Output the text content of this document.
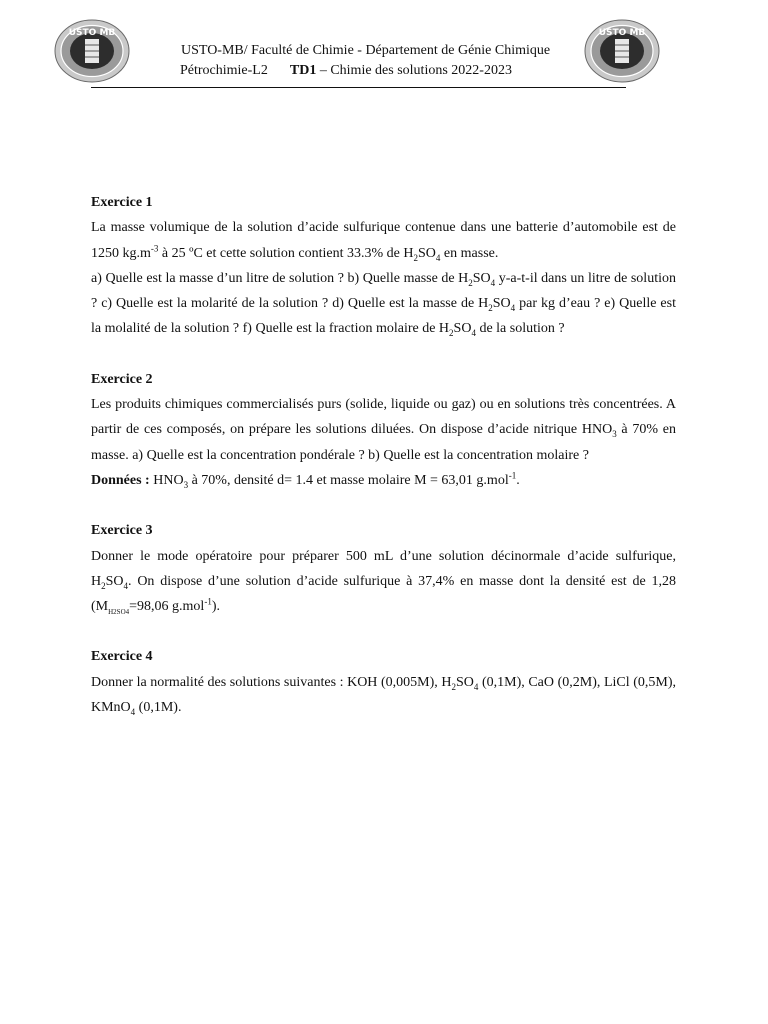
USTO MB	USTO MB
USTO-MB/ Faculté de Chimie - Département de Génie Chimique
Pétrochimie-L2 TD1 – Chimie des solutions 2022-2023
Exercice 1

La masse volumique de la solution d’acide sulfurique contenue dans une batterie d’automobile est de 1250 $kg.m^{-3}$ à 25 ºC et cette solution contient 33.3% de $H_2SO_4$ en masse.

a) Quelle est la masse d’un litre de solution ? b) Quelle masse de $H_2SO_4$ y-a-t-il dans un litre de solution ? c) Quelle est la molarité de la solution ? d) Quelle est la masse de $H_2SO_4$ par kg d’eau ? e) Quelle est la molalité de la solution ? f) Quelle est la fraction molaire de $H_2SO_4$ de la solution ?

Exercice 2

Les produits chimiques commercialisés purs (solide, liquide ou gaz) ou en solutions très concentrées. A partir de ces composés, on prépare les solutions diluées. On dispose d’acide nitrique $HNO_3$ à 70% en masse. a) Quelle est la concentration pondérale ? b) Quelle est la concentration molaire ?

Données : $HNO_3$ à 70%, densité d= 1.4 et masse molaire M = 63,01 g.mol$^{-1}$.

Exercice 3

Donner le mode opératoire pour préparer 500 mL d’une solution décinormale d’acide sulfurique, $H_2SO_4$. On dispose d’une solution d’acide sulfurique à 37,4% en masse dont la densité est de 1,28 ($M_{H2SO4}=98,06$ g.mol$^{-1}$).

Exercice 4

Donner la normalité des solutions suivantes : KOH (0,005M), $H_2SO_4$ (0,1M), CaO (0,2M), LiCl (0,5M), KMnO$_4$ (0,1M).
